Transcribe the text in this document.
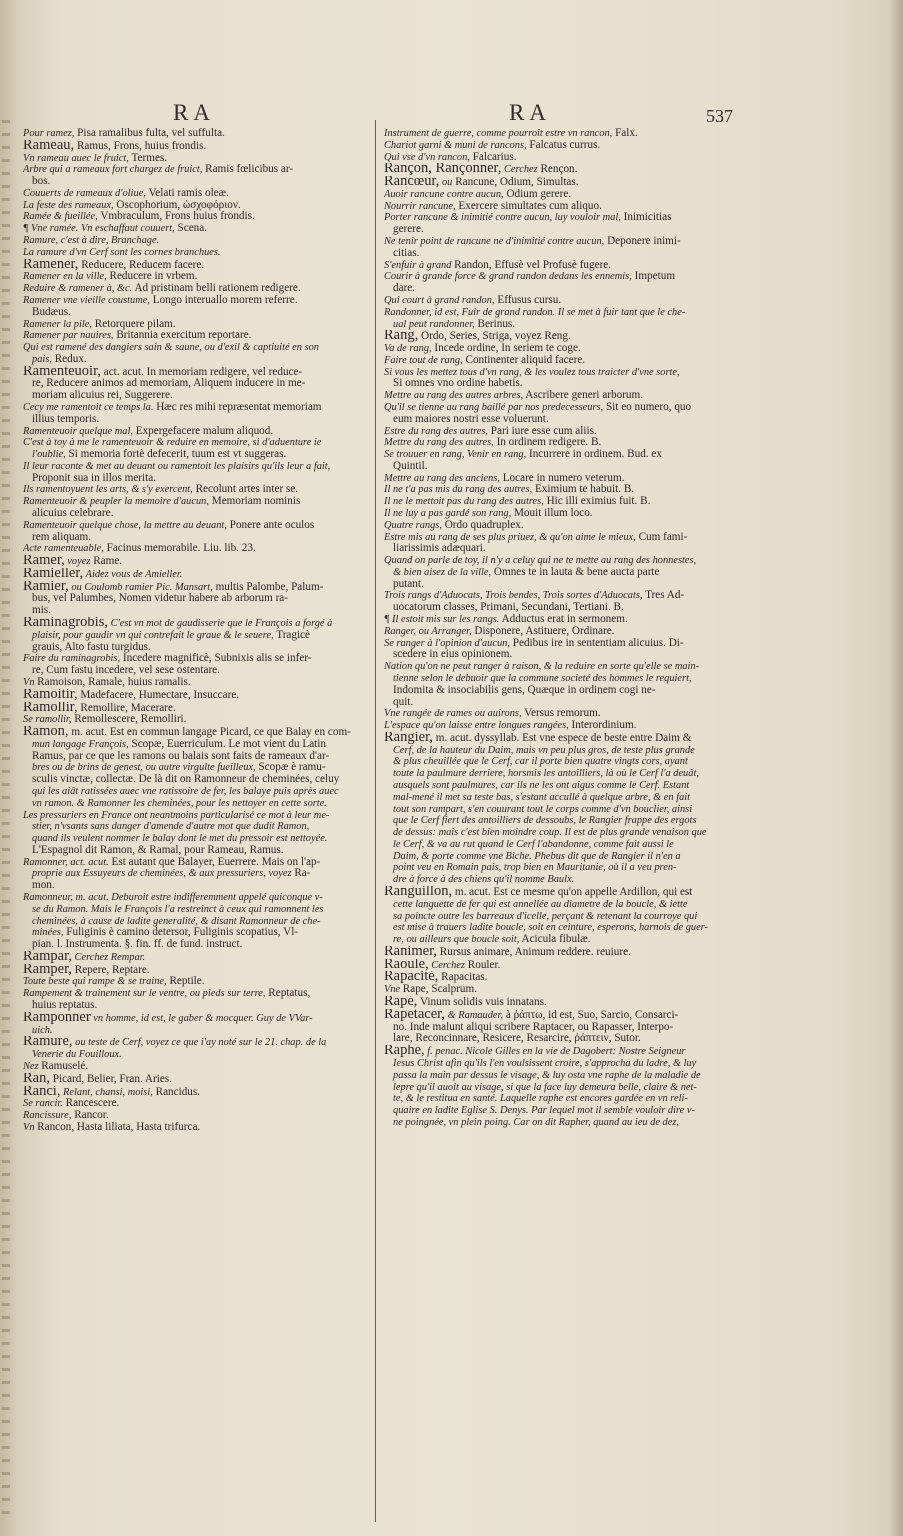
RA	RA	537

Pour ramez, Pisa ramalibus fulta, vel suffulta.

Rameau, Ramus, Frons, huius frondis.

Vn rameau auec le fruict, Termes.

Arbre qui a rameaux fort chargez de fruict, Ramis fœlicibus ar-

bos.

Couuerts de rameaux d'oliue, Velati ramis oleæ.

La feste des rameaux, Oscophorium, ὠσχοφόριον.

Ramée & fueillée, Vmbraculum, Frons huius frondis.

¶ Vne ramée. Vn eschaffaut couuert, Scena.

Ramure, c'est à dire, Branchage.

La ramure d'vn Cerf sont les cornes branchues.

Ramener, Reducere, Reducem facere.

Ramener en la ville, Reducere in vrbem.

Reduire & ramener à, &c. Ad pristinam belli rationem redigere.

Ramener vne vieille coustume, Longo interuallo morem referre.

Budæus.

Ramener la pile, Retorquere pilam.

Ramener par nauires, Britannia exercitum reportare.

Qui est ramené des dangiers sain & saune, ou d'exil & captiuité en son

pais, Redux.

Ramenteuoir, act. acut. In memoriam redigere, vel reduce-

re, Reducere animos ad memoriam, Aliquem inducere in me-

moriam alicuius rei, Suggerere.

Cecy me ramentoit ce temps la. Hæc res mihi repræsentat memoriam

illius temporis.

Ramenteuoir quelque mal, Expergefacere malum aliquod.

C'est à toy à me le ramenteuoir & reduire en memoire, si d'aduenture ie

l'oublie, Si memoria fortè defecerit, tuum est vt suggeras.

Il leur raconte & met au deuant ou ramentoit les plaisirs qu'ils leur a fait,

Proponit sua in illos merita.

Ils ramentoyuent les arts, & s'y exercent, Recolunt artes inter se.

Ramenteuoir & peupler la memoire d'aucun, Memoriam nominis

alicuius celebrare.

Ramenteuoir quelque chose, la mettre au deuant, Ponere ante oculos

rem aliquam.

Acte ramenteuable, Facinus memorabile. Liu. lib. 23.

Ramer, voyez Rame.

Ramieller, Aidez vous de Amieller.

Ramier, ou Coulomb ramier Pic. Mansart, multis Palombe, Palum-

bus, vel Palumbes, Nomen videtur habere ab arborum ra-

mis.

Raminagrobis, C'est vn mot de gaudisserie que le François a forgé à

plaisir, pour gaudir vn qui contrefait le graue & le seuere, Tragicè

grauis, Alto fastu turgidus.

Faire du raminagrobis, Incedere magnificè, Subnixis alis se infer-

re, Cum fastu incedere, vel sese ostentare.

Vn Ramoison, Ramale, huius ramalis.

Ramoitir, Madefacere, Humectare, Insuccare.

Ramollir, Remollire, Macerare.

Se ramollir, Remollescere, Remolliri.

Ramon, m. acut. Est en commun langage Picard, ce que Balay en com-

mun langage François, Scopæ, Euerriculum. Le mot vient du Latin

Ramus, par ce que les ramons ou balais sont faits de rameaux d'ar-

bres ou de brins de genest, ou autre virgulte fueilleux, Scopæ è ramu-

sculis vinctæ, collectæ. De là dit on Ramonneur de cheminées, celuy

qui les aiât ratissées auec vne ratissoire de fer, les balaye puis après auec

vn ramon. & Ramonner les cheminées, pour les nettoyer en cette sorte.

Les pressuriers en France ont neantmoins particularisé ce mot à leur me-

stier, n'vsants sans danger d'amende d'autre mot que dudit Ramon,

quand ils veulent nommer le balay dont le met du pressoir est nettoyée.

L'Espagnol dit Ramon, & Ramal, pour Rameau, Ramus.

Ramonner, act. acut. Est autant que Balayer, Euerrere. Mais on l'ap-

proprie aux Essuyeurs de cheminées, & aux pressuriers, voyez Ra-

mon.

Ramonneur, m. acut. Deburoit estre indifferemment appelé quiconque v-

se du Ramon. Mais le François l'a restreinct à ceux qui ramonnent les

cheminées, à cause de ladite generalité, & disant Ramonneur de che-

minées, Fuliginis è camino detersor, Fuliginis scopatius, Vl-

pian. l. Instrumenta. §. fin. ff. de fund. instruct.

Rampar, Cerchez Rempar.

Ramper, Repere, Reptare.

Toute beste qui rampe & se traine, Reptile.

Rampement & trainement sur le ventre, ou pieds sur terre, Reptatus,

huius reptatus.

Ramponner vn homme, id est, le gaber & mocquer. Guy de VVar-

uich.

Ramure, ou teste de Cerf, voyez ce que i'ay noté sur le 21. chap. de la

Venerie du Fouilloux.

Nez Ramuselé.

Ran, Picard, Belier, Fran. Aries.

Ranci, Relant, chansi, moisi, Rancidus.

Se rancir. Rancescere.

Rancissure, Rancor.

Vn Rancon, Hasta liliata, Hasta trifurca.

Instrument de guerre, comme pourroit estre vn rancon, Falx.

Chariot garni & muni de rancons, Falcatus currus.

Qui vse d'vn rancon, Falcarius.

Rançon, Rançonner, Cerchez Rençon.

Rancœur, ou Rancune, Odium, Simultas.

Auoir rancune contre aucun, Odium gerere.

Nourrir rancune, Exercere simultates cum aliquo.

Porter rancune & inimitié contre aucun, luy vouloir mal, Inimicitias

gerere.

Ne tenir point de rancune ne d'inimitié contre aucun, Deponere inimi-

citias.

S'enfuir à grand Randon, Effusè vel Profusè fugere.

Courir à grande force & grand randon dedans les ennemis, Impetum

dare.

Qui court à grand randon, Effusus cursu.

Randonner, id est, Fuir de grand randon. Il se met à fuir tant que le che-

ual peut randonner, Berinus.

Rang, Ordo, Series, Striga, voyez Reng.

Va de rang, Incede ordine, In seriem te coge.

Faire tout de rang, Continenter aliquid facere.

Si vous les mettez tous d'vn rang, & les voulez tous traicter d'vne sorte,

Si omnes vno ordine habetis.

Mettre au rang des autres arbres, Ascribere generi arborum.

Qu'il se tienne au rang baillé par nos predecesseurs, Sit eo numero, quo

eum maiores nostri esse voluerunt.

Estre du rang des autres, Pari iure esse cum aliis.

Mettre du rang des autres, In ordinem redigere. B.

Se trouuer en rang, Venir en rang, Incurrere in ordinem. Bud. ex

Quintil.

Mettre au rang des anciens, Locare in numero veterum.

Il ne t'a pas mis du rang des autres, Eximium te habuit. B.

Il ne le mettoit pas du rang des autres, Hic illi eximius fuit. B.

Il ne luy a pas gardé son rang, Mouit illum loco.

Quatre rangs, Ordo quadruplex.

Estre mis au rang de ses plus priuez, & qu'on aime le mieux, Cum fami-

liarissimis adæquari.

Quand on parle de toy, il n'y a celuy qui ne te mette au rang des honnestes,

& bien aisez de la ville, Omnes te in lauta & bene aucta parte

putant.

Trois rangs d'Aduocats, Trois bendes, Trois sortes d'Aduocats, Tres Ad-

uocatorum classes, Primani, Secundani, Tertiani. B.

¶ Il estoit mis sur les rangs. Adductus erat in sermonem.

Ranger, ou Arranger, Disponere, Astituere, Ordinare.

Se ranger à l'opinion d'aucun, Pedibus ire in sententiam alicuius. Di-

scedere in eius opinionem.

Nation qu'on ne peut ranger à raison, & la reduire en sorte qu'elle se main-

tienne selon le debuoir que la commune societé des hommes le requiert,

Indomita & insociabilis gens, Quæque in ordinem cogi ne-

quit.

Vne rangée de rames ou auirons, Versus remorum.

L'espace qu'on laisse entre longues rangées, Interordinium.

Rangier, m. acut. dyssyllab. Est vne espece de beste entre Daim &

Cerf, de la hauteur du Daim, mais vn peu plus gros, de teste plus grande

& plus cheuillée que le Cerf, car il porte bien quatre vingts cors, ayant

toute la paulmure derriere, horsmis les antoilliers, là où le Cerf l'a deuât,

ausquels sont paulmures, car ils ne les ont aigus comme le Cerf. Estant

mal-mené il met sa teste bas, s'estant accullé à quelque arbre, & en fait

tout son rampart, s'en couurant tout le corps comme d'vn bouclier, ainsi

que le Cerf fiert des antoilliers de dessoubs, le Rangier frappe des ergots

de dessus: mais c'est bien moindre coup. Il est de plus grande venaison que

le Cerf, & va au rut quand le Cerf l'abandonne, comme fait aussi le

Daim, & porte comme vne Biche. Phebus dit que de Rangier il n'en a

point veu en Romain pais, trop bien en Mauritanie, où il a veu pren-

dre à force à des chiens qu'il nomme Baulx.

Ranguillon, m. acut. Est ce mesme qu'on appelle Ardillon, qui est

cette languette de fer qui est annellée au diametre de la boucle, & iette

sa poincte outre les barreaux d'icelle, perçant & retenant la courroye qui

est mise à trauers ladite boucle, soit en ceinture, esperons, harnois de guer-

re, ou ailleurs que boucle soit, Acicula fibulæ.

Ranimer, Rursus animare, Animum reddere. reuiure.

Raoule, Cerchez Rouler.

Rapacité, Rapacitas.

Vne Rape, Scalprum.

Rapé, Vinum solidis vuis innatans.

Rapetacer, & Ramauder, à ῥάπτω, id est, Suo, Sarcio, Consarci-

no. Inde malunt aliqui scribere Raptacer, ou Rapasser, Interpo-

lare, Reconcinnare, Resicere, Resarcire, ῥάπτειν, Sutor.

Raphe, f. penac. Nicole Gilles en la vie de Dagobert: Nostre Seigneur

Iesus Christ afin qu'ils l'en voulsissent croire, s'approcha du ladre, & luy

passa la main par dessus le visage, & luy osta vne raphe de la maladie de

lepre qu'il auoit au visage, si que la face luy demeura belle, claire & net-

te, & le restitua en santé. Laquelle raphe est encores gardée en vn reli-

quaire en ladite Eglise S. Denys. Par lequel mot il semble vouloir dire v-

ne poingnée, vn plein poing. Car on dit Rapher, quand au ieu de dez,
